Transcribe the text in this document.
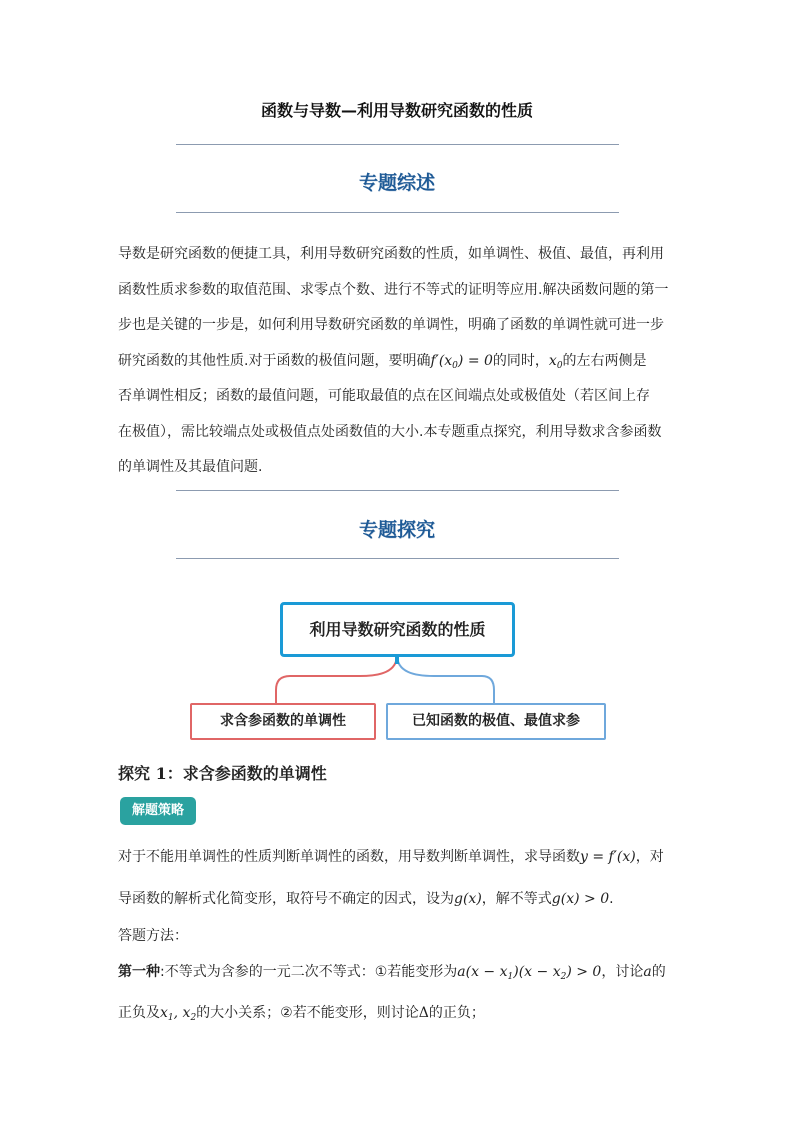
函数与导数—利用导数研究函数的性质
专题综述
导数是研究函数的便捷工具，利用导数研究函数的性质，如单调性、极值、最值，再利用
函数性质求参数的取值范围、求零点个数、进行不等式的证明等应用.解决函数问题的第一
步也是关键的一步是，如何利用导数研究函数的单调性，明确了函数的单调性就可进一步
研究函数的其他性质.对于函数的极值问题，要明确$f'(x_0) = 0$的同时，$x_0$的左右两侧是
否单调性相反；函数的最值问题，可能取最值的点在区间端点处或极值处（若区间上存
在极值），需比较端点处或极值点处函数值的大小.本专题重点探究，利用导数求含参函数
的单调性及其最值问题.
专题探究
利用导数研究函数的性质
求含参函数的单调性	已知函数的极值、最值求参
探究 1：求含参函数的单调性
解题策略
对于不能用单调性的性质判断单调性的函数，用导数判断单调性，求导函数y = f′(x)，对
导函数的解析式化简变形，取符号不确定的因式，设为g(x)，解不等式g(x) > 0.
答题方法：
第一种:不等式为含参的一元二次不等式：①若能变形为$a(x - x_1)(x - x_2) > 0$，讨论a的
正负及$x_1$, $x_2$的大小关系；②若不能变形，则讨论Δ的正负；
